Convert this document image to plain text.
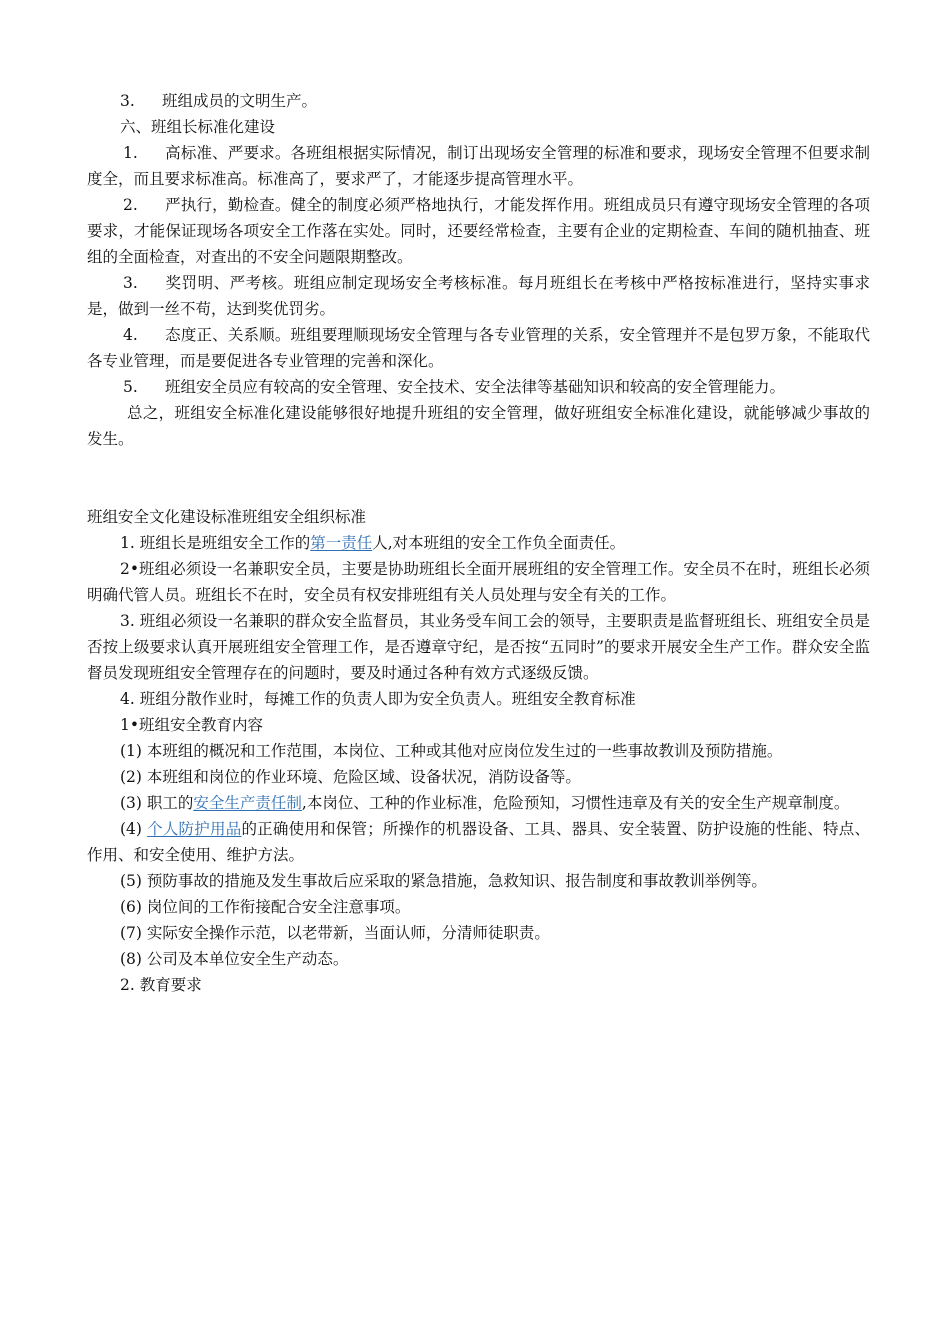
3. 班组成员的文明生产。

六、班组长标准化建设

1. 高标准、严要求。各班组根据实际情况，制订出现场安全管理的标准和要求，现场安全管理不但要求制度全，而且要求标准高。标准高了，要求严了，才能逐步提高管理水平。

2. 严执行，勤检查。健全的制度必须严格地执行，才能发挥作用。班组成员只有遵守现场安全管理的各项要求，才能保证现场各项安全工作落在实处。同时，还要经常检查，主要有企业的定期检查、车间的随机抽查、班组的全面检查，对查出的不安全问题限期整改。

3. 奖罚明、严考核。班组应制定现场安全考核标准。每月班组长在考核中严格按标准进行，坚持实事求是，做到一丝不苟，达到奖优罚劣。

4. 态度正、关系顺。班组要理顺现场安全管理与各专业管理的关系，安全管理并不是包罗万象，不能取代各专业管理，而是要促进各专业管理的完善和深化。

5. 班组安全员应有较高的安全管理、安全技术、安全法律等基础知识和较高的安全管理能力。

总之，班组安全标准化建设能够很好地提升班组的安全管理，做好班组安全标准化建设，就能够减少事故的发生。

班组安全文化建设标准班组安全组织标准

1. 班组长是班组安全工作的第一责任人,对本班组的安全工作负全面责任。

2•班组必须设一名兼职安全员，主要是协助班组长全面开展班组的安全管理工作。安全员不在时，班组长必须明确代管人员。班组长不在时，安全员有权安排班组有关人员处理与安全有关的工作。

3. 班组必须设一名兼职的群众安全监督员，其业务受车间工会的领导，主要职责是监督班组长、班组安全员是否按上级要求认真开展班组安全管理工作，是否遵章守纪，是否按“五同时”的要求开展安全生产工作。群众安全监督员发现班组安全管理存在的问题时，要及时通过各种有效方式逐级反馈。

4. 班组分散作业时，每摊工作的负责人即为安全负责人。班组安全教育标准

1•班组安全教育内容

(1) 本班组的概况和工作范围，本岗位、工种或其他对应岗位发生过的一些事故教训及预防措施。

(2) 本班组和岗位的作业环境、危险区域、设备状况，消防设备等。

(3) 职工的安全生产责任制,本岗位、工种的作业标准，危险预知，习惯性违章及有关的安全生产规章制度。

(4) 个人防护用品的正确使用和保管；所操作的机器设备、工具、器具、安全装置、防护设施的性能、特点、作用、和安全使用、维护方法。

(5) 预防事故的措施及发生事故后应采取的紧急措施，急救知识、报告制度和事故教训举例等。

(6) 岗位间的工作衔接配合安全注意事项。

(7) 实际安全操作示范，以老带新，当面认师，分清师徒职责。

(8) 公司及本单位安全生产动态。

2. 教育要求
